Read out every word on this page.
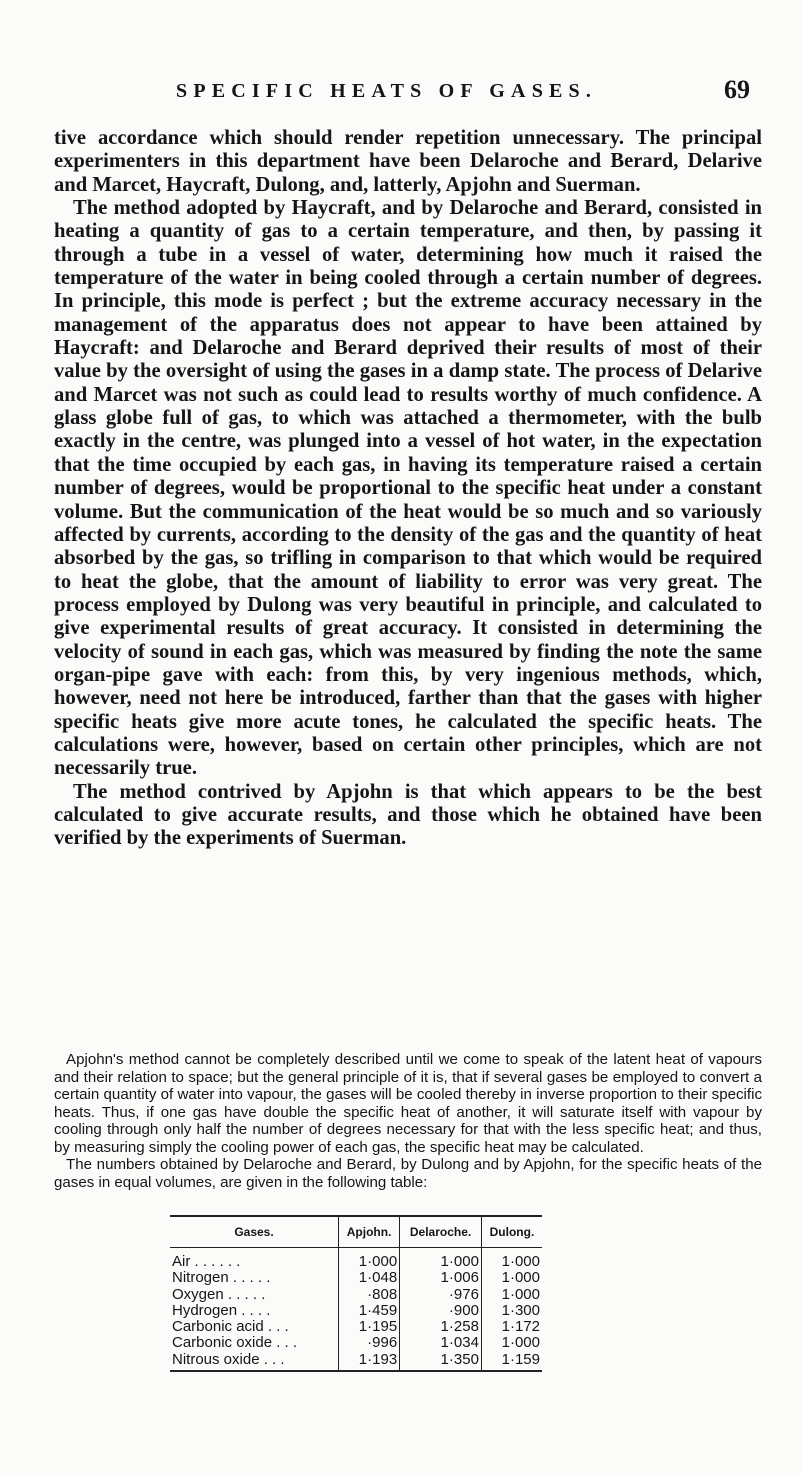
SPECIFIC HEATS OF GASES.	69

tive accordance which should render repetition unnecessary. The principal experimenters in this department have been Delaroche and Berard, Delarive and Marcet, Haycraft, Dulong, and, latterly, Apjohn and Suerman.

The method adopted by Haycraft, and by Delaroche and Berard, consisted in heating a quantity of gas to a certain temperature, and then, by passing it through a tube in a vessel of water, determining how much it raised the temperature of the water in being cooled through a certain number of degrees. In principle, this mode is perfect ; but the extreme accuracy necessary in the management of the apparatus does not appear to have been attained by Haycraft: and Delaroche and Berard deprived their results of most of their value by the oversight of using the gases in a damp state. The process of Delarive and Marcet was not such as could lead to results worthy of much confidence. A glass globe full of gas, to which was attached a thermometer, with the bulb exactly in the centre, was plunged into a vessel of hot water, in the expectation that the time occupied by each gas, in having its temperature raised a certain number of degrees, would be proportional to the specific heat under a constant volume. But the communication of the heat would be so much and so variously affected by currents, according to the density of the gas and the quantity of heat absorbed by the gas, so trifling in comparison to that which would be required to heat the globe, that the amount of liability to error was very great. The process employed by Dulong was very beautiful in principle, and calculated to give experimental results of great accuracy. It consisted in determining the velocity of sound in each gas, which was measured by finding the note the same organ-pipe gave with each: from this, by very ingenious methods, which, however, need not here be introduced, farther than that the gases with higher specific heats give more acute tones, he calculated the specific heats. The calculations were, however, based on certain other principles, which are not necessarily true.

The method contrived by Apjohn is that which appears to be the best calculated to give accurate results, and those which he obtained have been verified by the experiments of Suerman.

Apjohn's method cannot be completely described until we come to speak of the latent heat of vapours and their relation to space; but the general principle of it is, that if several gases be employed to convert a certain quantity of water into vapour, the gases will be cooled thereby in inverse proportion to their specific heats. Thus, if one gas have double the specific heat of another, it will saturate itself with vapour by cooling through only half the number of degrees necessary for that with the less specific heat; and thus, by measuring simply the cooling power of each gas, the specific heat may be calculated.

The numbers obtained by Delaroche and Berard, by Dulong and by Apjohn, for the specific heats of the gases in equal volumes, are given in the following table:

Gases.	Apjohn.	Delaroche.	Dulong.
Air . . . . . .	1·000	1·000	1·000
Nitrogen . . . . .	1·048	1·006	1·000
Oxygen . . . . .	·808	·976	1·000
Hydrogen . . . .	1·459	·900	1·300
Carbonic acid . . .	1·195	1·258	1·172
Carbonic oxide . . .	·996	1·034	1·000
Nitrous oxide . . .	1·193	1·350	1·159
